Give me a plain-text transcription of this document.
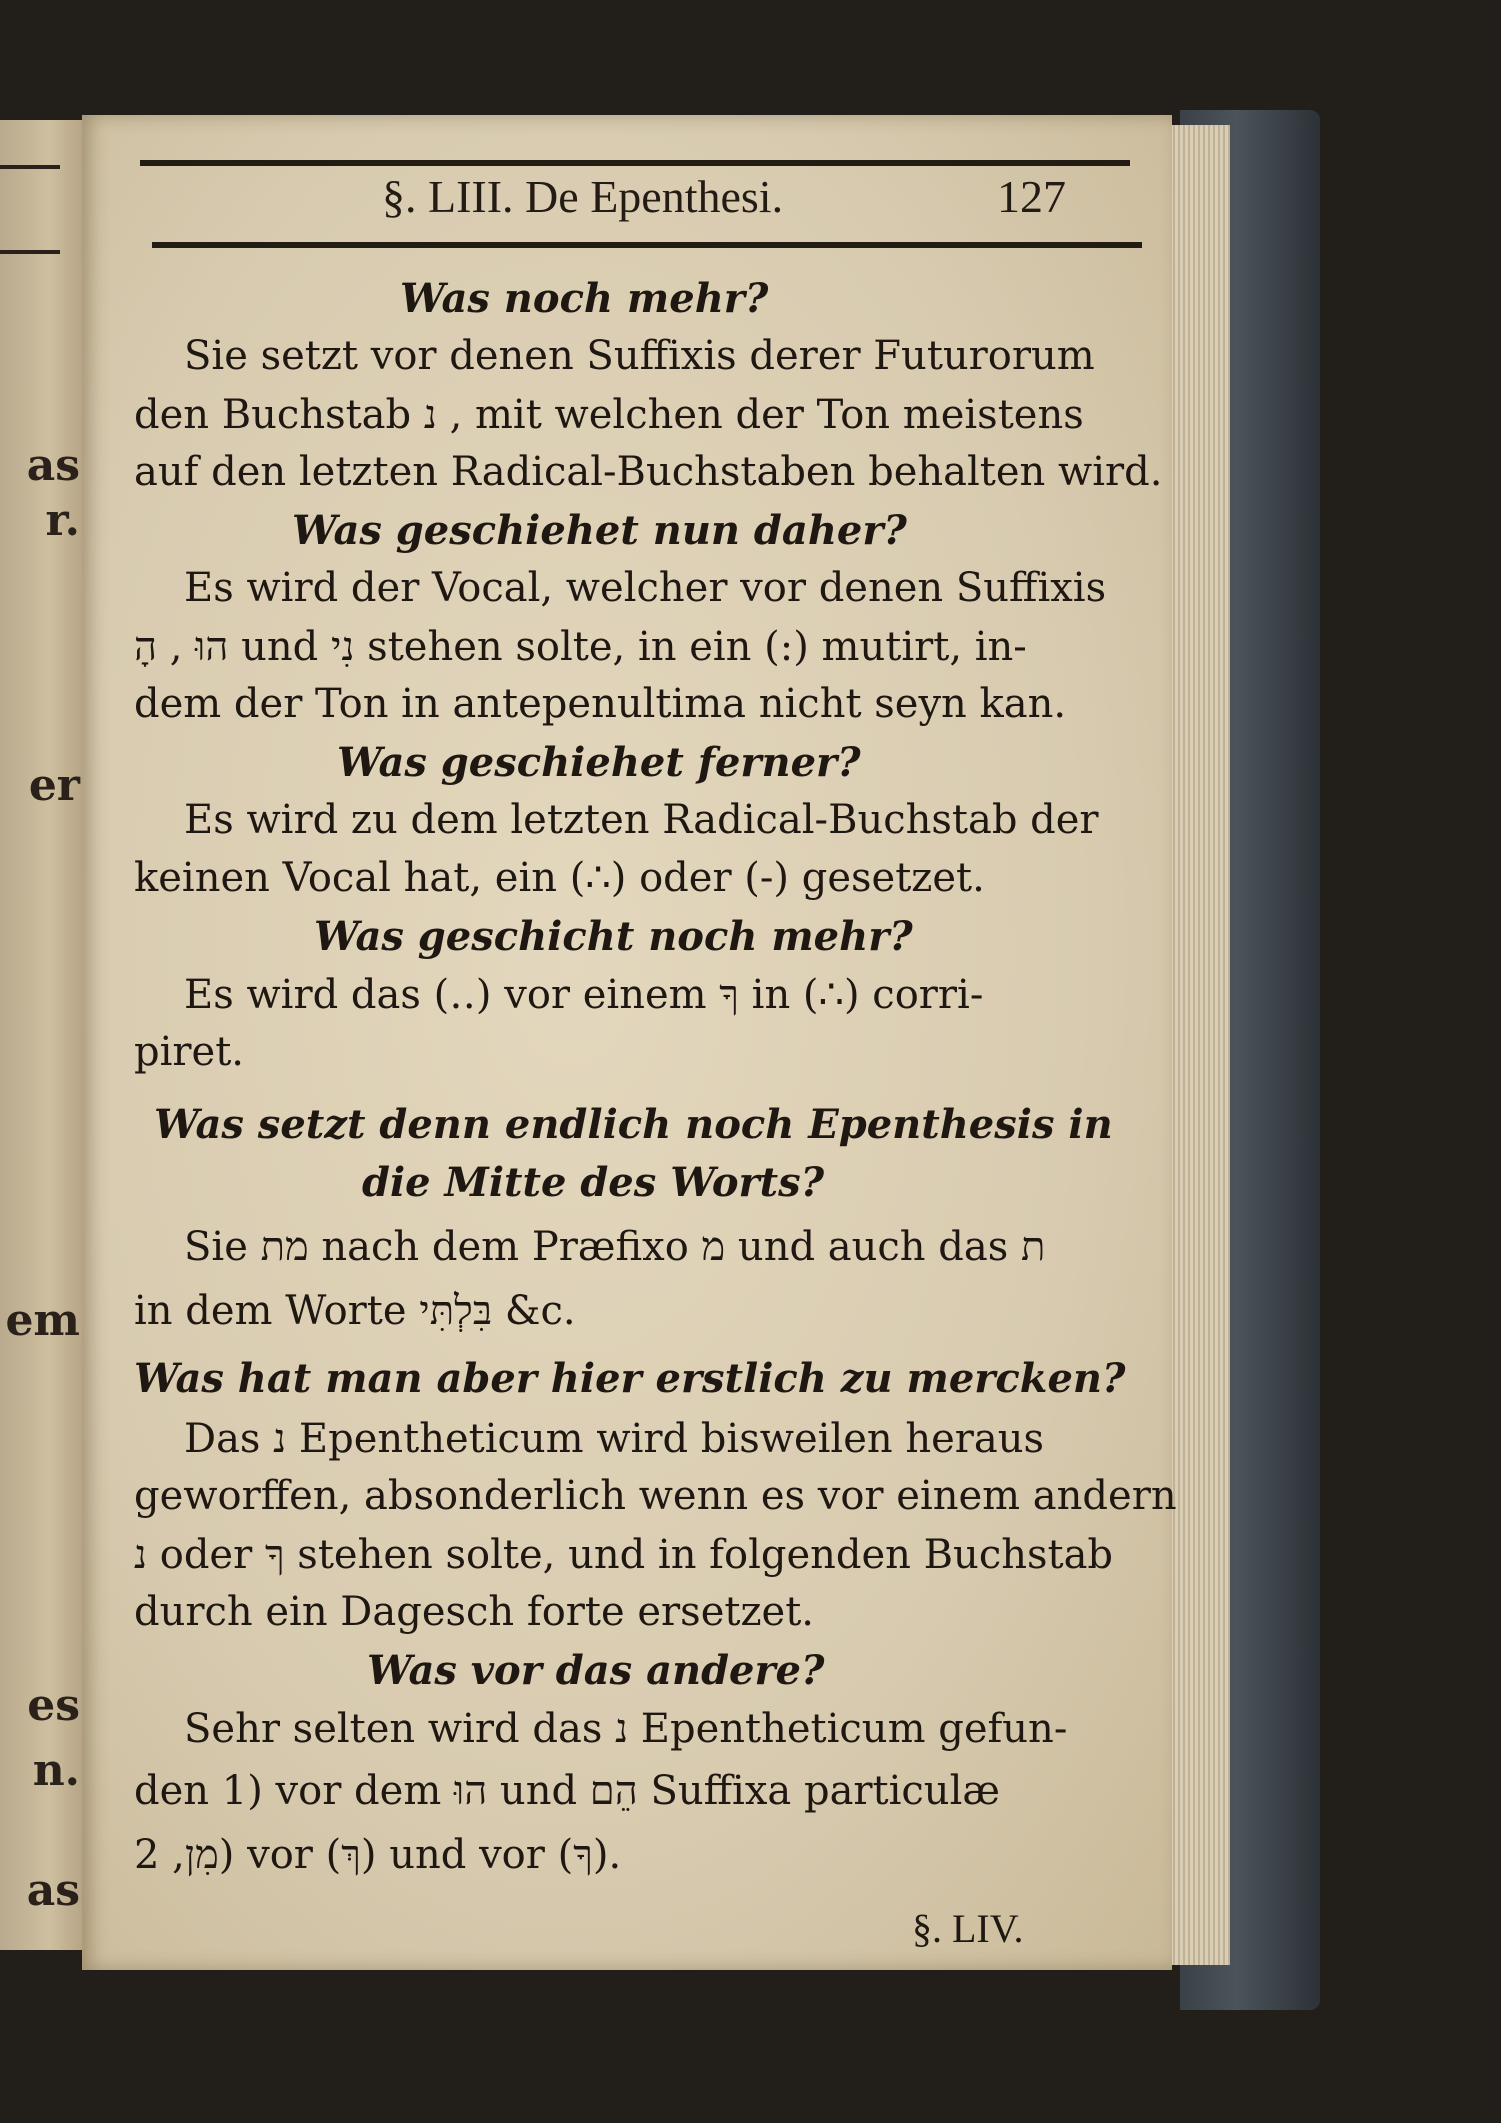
as
r.
er
em
es
n.
as
§. LIII. De Epenthesi.	127
Was noch mehr?
Sie setzt vor denen Suffixis derer Futurorum
den Buchstab נ , mit welchen der Ton meistens
auf den letzten Radical-Buchstaben behalten wird.
Was geschiehet nun daher?
Es wird der Vocal, welcher vor denen Suffixis
הוּ , הָ und נִי stehen solte, in ein (:) mutirt, in-
dem der Ton in antepenultima nicht seyn kan.
Was geschiehet ferner?
Es wird zu dem letzten Radical-Buchstab der
keinen Vocal hat, ein (∴) oder (-) gesetzet.
Was geschicht noch mehr?
Es wird das (‥) vor einem ךָ in (∴) corri-
piret.
Was setzt denn endlich noch Epenthesis in
die Mitte des Worts?
Sie מת nach dem Præfixo מ und auch das ת
in dem Worte בִּלְתִּי &c.
Was hat man aber hier erstlich zu mercken?
Das נ Epentheticum wird bisweilen heraus
geworffen, absonderlich wenn es vor einem andern
נ oder ךָ stehen solte, und in folgenden Buchstab
durch ein Dagesch forte ersetzet.
Was vor das andere?
Sehr selten wird das נ Epentheticum gefun-
den 1) vor dem הוּ und הֵם Suffixa particulæ
מִן, 2) vor (ךְ) und vor (ךָ).
§. LIV.
